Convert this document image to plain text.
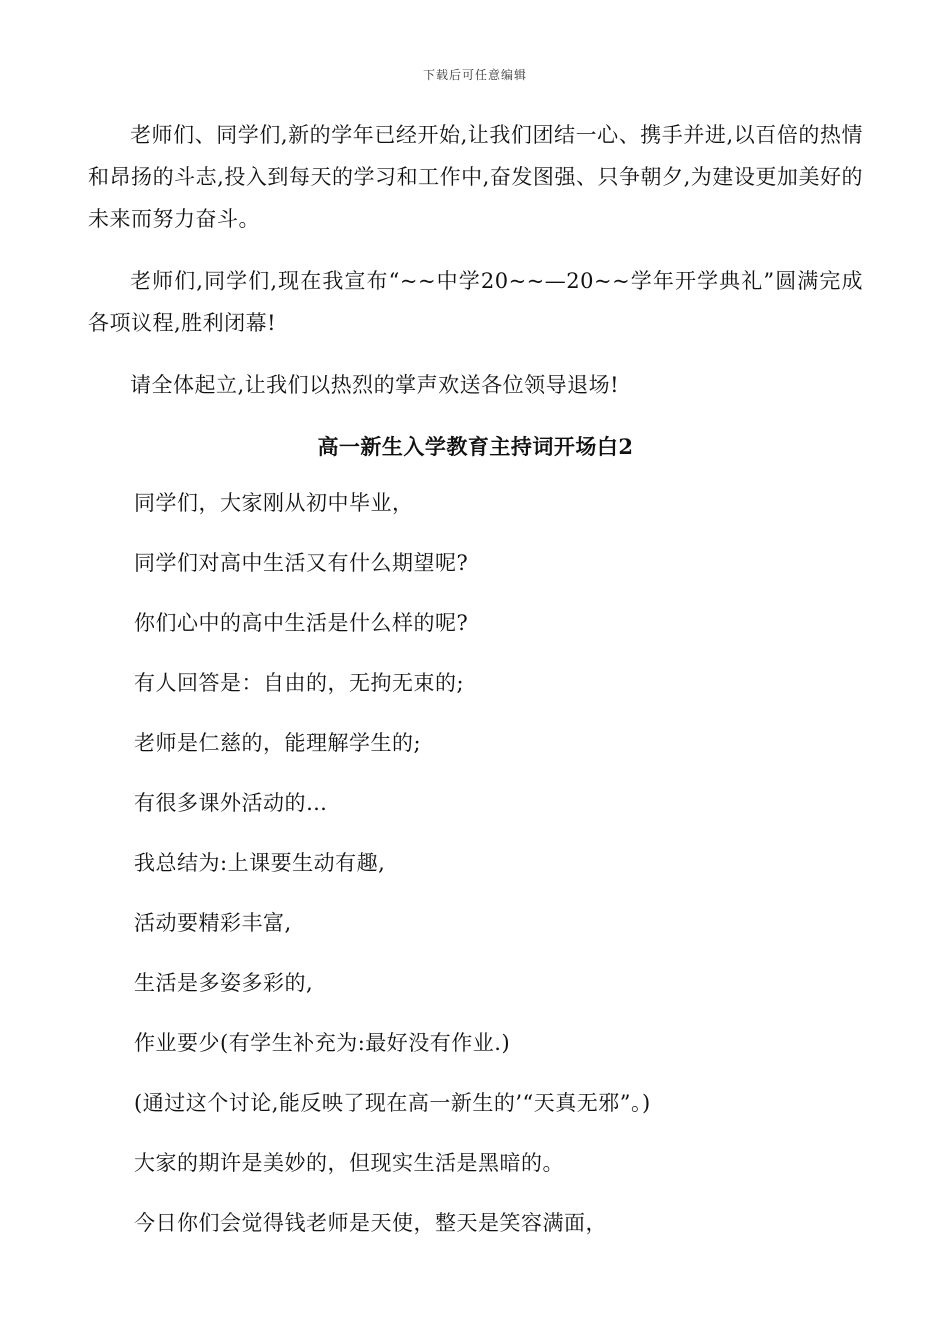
下载后可任意编辑

老师们、同学们,新的学年已经开始,让我们团结一心、携手并进,以百倍的热情和昂扬的斗志,投入到每天的学习和工作中,奋发图强、只争朝夕,为建设更加美好的未来而努力奋斗。

老师们,同学们,现在我宣布“~~中学20~~—20~~学年开学典礼”圆满完成各项议程,胜利闭幕!

请全体起立,让我们以热烈的掌声欢送各位领导退场!

高一新生入学教育主持词开场白2
同学们，大家刚从初中毕业，
同学们对高中生活又有什么期望呢?
你们心中的高中生活是什么样的呢?
有人回答是：自由的，无拘无束的;
老师是仁慈的，能理解学生的;
有很多课外活动的…
我总结为:上课要生动有趣,
活动要精彩丰富,
生活是多姿多彩的,
作业要少(有学生补充为:最好没有作业.)
(通过这个讨论,能反映了现在高一新生的’“天真无邪”。)
大家的期许是美妙的，但现实生活是黑暗的。
今日你们会觉得钱老师是天使，整天是笑容满面，
